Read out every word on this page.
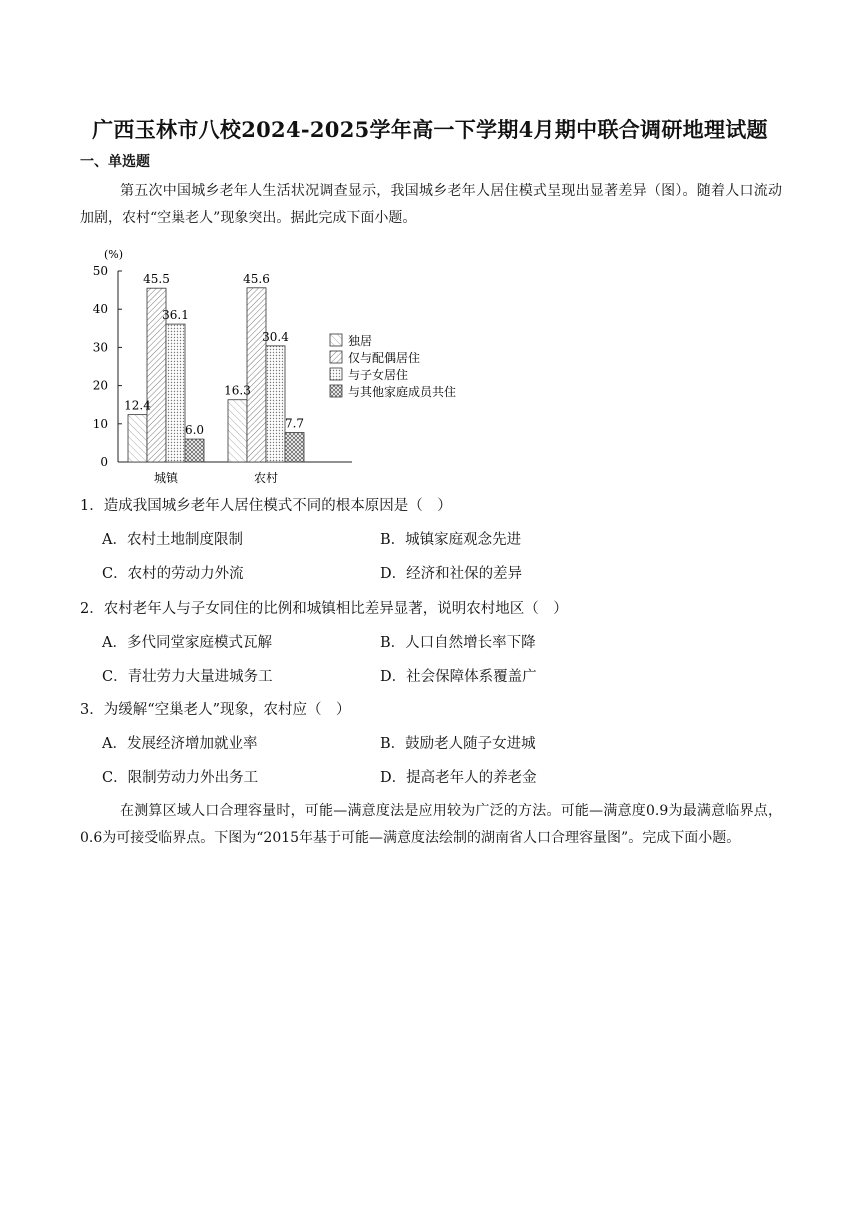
广西玉林市八校2024-2025学年高一下学期4月期中联合调研地理试题
一、单选题
第五次中国城乡老年人生活状况调查显示，我国城乡老年人居住模式呈现出显著差异（图）。随着人口流动加剧，农村“空巢老人”现象突出。据此完成下面小题。
(%)
0
10
20
30
40
50
12.4
45.5
36.1
6.0
城镇
16.3
45.6
30.4
7.7
农村
独居
仅与配偶居住
与子女居住
与其他家庭成员共住
1．造成我国城乡老年人居住模式不同的根本原因是（　）
A．农村土地制度限制	B．城镇家庭观念先进
C．农村的劳动力外流	D．经济和社保的差异
2．农村老年人与子女同住的比例和城镇相比差异显著，说明农村地区（　）
A．多代同堂家庭模式瓦解	B．人口自然增长率下降
C．青壮劳力大量进城务工	D．社会保障体系覆盖广
3．为缓解“空巢老人”现象，农村应（　）
A．发展经济增加就业率	B．鼓励老人随子女进城
C．限制劳动力外出务工	D．提高老年人的养老金
在测算区域人口合理容量时，可能—满意度法是应用较为广泛的方法。可能—满意度0.9为最满意临界点，0.6为可接受临界点。下图为“2015年基于可能—满意度法绘制的湖南省人口合理容量图”。完成下面小题。
